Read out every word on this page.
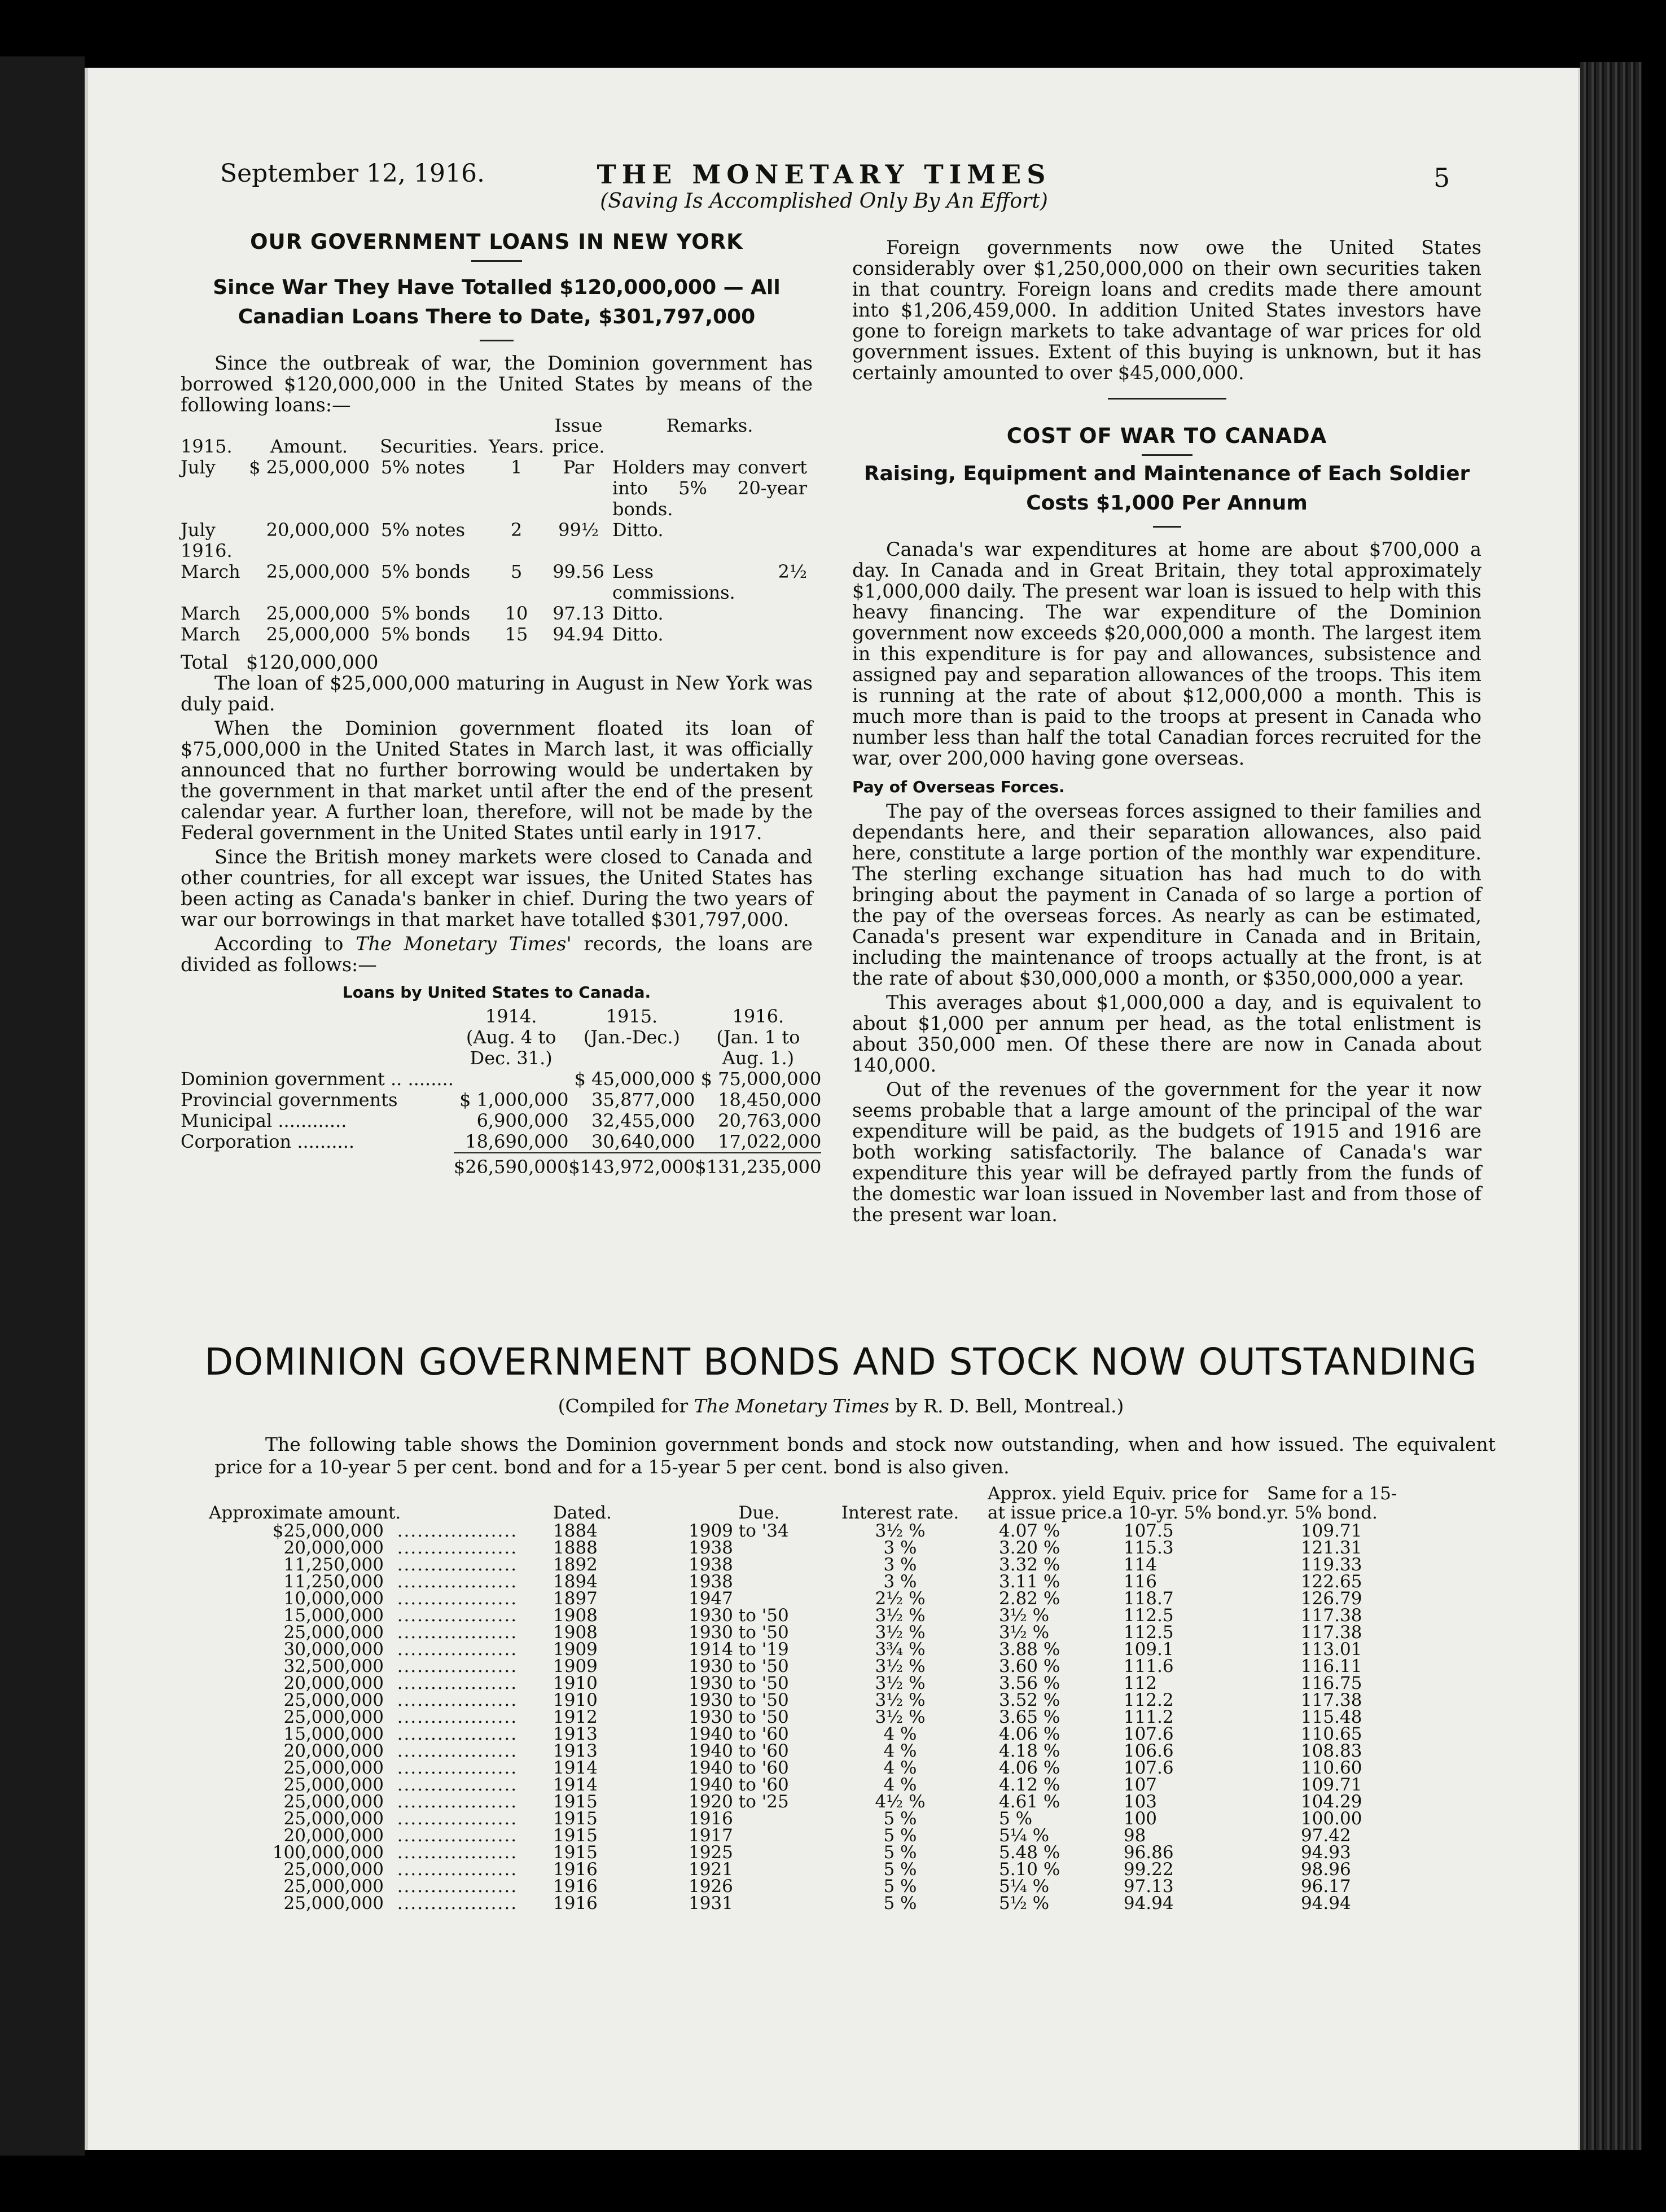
September 12, 1916.	THE MONETARY TIMES
(Saving Is Accomplished Only By An Effort)
5
OUR GOVERNMENT LOANS IN NEW YORK
Since War They Have Totalled $120,000,000 — All
Canadian Loans There to Date, $301,797,000

Since the outbreak of war, the Dominion government has borrowed $120,000,000 in the United States by means of the following loans:—

				Issue	Remarks.
1915.	Amount.	Securities.	Years.	price.	
July	$ 25,000,000	5% notes	1	Par	Holders may convert into 5% 20-year bonds.
July	20,000,000	5% notes	2	99½	Ditto.
1916.					
March	25,000,000	5% bonds	5	99.56	Less 2½ commissions.
March	25,000,000	5% bonds	10	97.13	Ditto.
March	25,000,000	5% bonds	15	94.94	Ditto.
Total   $120,000,000

The loan of $25,000,000 maturing in August in New York was duly paid.

When the Dominion government floated its loan of $75,000,000 in the United States in March last, it was officially announced that no further borrowing would be undertaken by the government in that market until after the end of the present calendar year. A further loan, therefore, will not be made by the Federal government in the United States until early in 1917.

Since the British money markets were closed to Canada and other countries, for all except war issues, the United States has been acting as Canada's banker in chief. During the two years of war our borrowings in that market have totalled $301,797,000.

According to The Monetary Times' records, the loans are divided as follows:—

Loans by United States to Canada.
	1914.	1915.	1916.
	(Aug. 4 to	(Jan.-Dec.)	(Jan. 1 to
	Dec. 31.)		Aug. 1.)
Dominion government .. ........		$ 45,000,000	$ 75,000,000
Provincial governments	$ 1,000,000	35,877,000	18,450,000
Municipal ............	6,900,000	32,455,000	20,763,000
Corporation ..........	18,690,000	30,640,000	17,022,000
	$26,590,000	$143,972,000	$131,235,000

Foreign governments now owe the United States considerably over $1,250,000,000 on their own securities taken in that country. Foreign loans and credits made there amount into $1,206,459,000. In addition United States investors have gone to foreign markets to take advantage of war prices for old government issues. Extent of this buying is unknown, but it has certainly amounted to over $45,000,000.

COST OF WAR TO CANADA
Raising, Equipment and Maintenance of Each Soldier
Costs $1,000 Per Annum

Canada's war expenditures at home are about $700,000 a day. In Canada and in Great Britain, they total approximately $1,000,000 daily. The present war loan is issued to help with this heavy financing. The war expenditure of the Dominion government now exceeds $20,000,000 a month. The largest item in this expenditure is for pay and allowances, subsistence and assigned pay and separation allowances of the troops. This item is running at the rate of about $12,000,000 a month. This is much more than is paid to the troops at present in Canada who number less than half the total Canadian forces recruited for the war, over 200,000 having gone overseas.

Pay of Overseas Forces.

The pay of the overseas forces assigned to their families and dependants here, and their separation allowances, also paid here, constitute a large portion of the monthly war expenditure. The sterling exchange situation has had much to do with bringing about the payment in Canada of so large a portion of the pay of the overseas forces. As nearly as can be estimated, Canada's present war expenditure in Canada and in Britain, including the maintenance of troops actually at the front, is at the rate of about $30,000,000 a month, or $350,000,000 a year.

This averages about $1,000,000 a day, and is equivalent to about $1,000 per annum per head, as the total enlistment is about 350,000 men. Of these there are now in Canada about 140,000.

Out of the revenues of the government for the year it now seems probable that a large amount of the principal of the war expenditure will be paid, as the budgets of 1915 and 1916 are both working satisfactorily. The balance of Canada's war expenditure this year will be defrayed partly from the funds of the domestic war loan issued in November last and from those of the present war loan.

DOMINION GOVERNMENT BONDS AND STOCK NOW OUTSTANDING
(Compiled for The Monetary Times by R. D. Bell, Montreal.)

The following table shows the Dominion government bonds and stock now outstanding, when and how issued. The equivalent price for a 10-year 5 per cent. bond and for a 15-year 5 per cent. bond is also given.

					Approx. yield	Equiv. price for	Same for a 15-
Approximate amount.		Dated.	Due.	Interest rate.	at issue price.	a 10-yr. 5% bond.	yr. 5% bond.
$25,000,000	..................	1884	1909 to '34	3½ %	4.07 %	107.5	109.71
20,000,000	..................	1888	1938	3 %	3.20 %	115.3	121.31
11,250,000	..................	1892	1938	3 %	3.32 %	114	119.33
11,250,000	..................	1894	1938	3 %	3.11 %	116	122.65
10,000,000	..................	1897	1947	2½ %	2.82 %	118.7	126.79
15,000,000	..................	1908	1930 to '50	3½ %	3½ %	112.5	117.38
25,000,000	..................	1908	1930 to '50	3½ %	3½ %	112.5	117.38
30,000,000	..................	1909	1914 to '19	3¾ %	3.88 %	109.1	113.01
32,500,000	..................	1909	1930 to '50	3½ %	3.60 %	111.6	116.11
20,000,000	..................	1910	1930 to '50	3½ %	3.56 %	112	116.75
25,000,000	..................	1910	1930 to '50	3½ %	3.52 %	112.2	117.38
25,000,000	..................	1912	1930 to '50	3½ %	3.65 %	111.2	115.48
15,000,000	..................	1913	1940 to '60	4 %	4.06 %	107.6	110.65
20,000,000	..................	1913	1940 to '60	4 %	4.18 %	106.6	108.83
25,000,000	..................	1914	1940 to '60	4 %	4.06 %	107.6	110.60
25,000,000	..................	1914	1940 to '60	4 %	4.12 %	107	109.71
25,000,000	..................	1915	1920 to '25	4½ %	4.61 %	103	104.29
25,000,000	..................	1915	1916	5 %	5 %	100	100.00
20,000,000	..................	1915	1917	5 %	5¼ %	98	97.42
100,000,000	..................	1915	1925	5 %	5.48 %	96.86	94.93
25,000,000	..................	1916	1921	5 %	5.10 %	99.22	98.96
25,000,000	..................	1916	1926	5 %	5¼ %	97.13	96.17
25,000,000	..................	1916	1931	5 %	5½ %	94.94	94.94
